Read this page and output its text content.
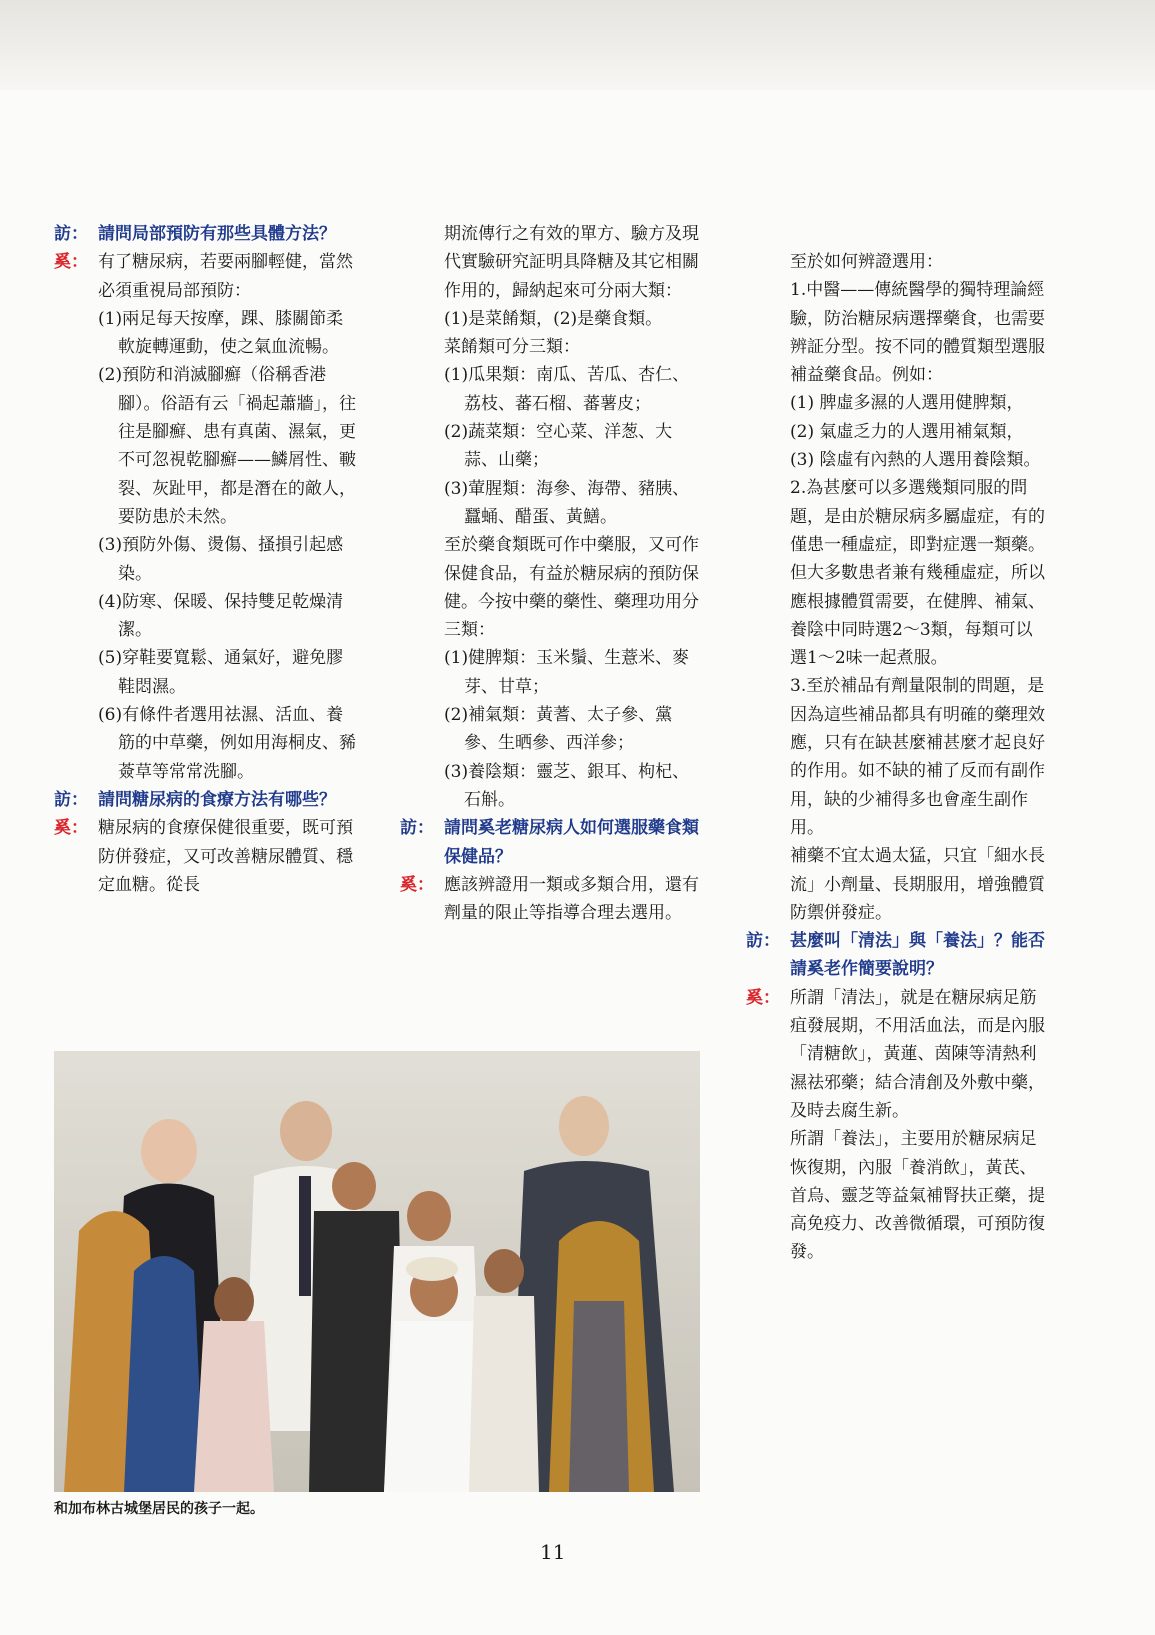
訪： 請問局部預防有那些具體方法？

奚： 有了糖尿病，若要兩腳輕健，當然必須重視局部預防：

(1)兩足每天按摩，踝、膝關節柔軟旋轉運動，使之氣血流暢。

(2)預防和消滅腳癬（俗稱香港腳）。俗語有云「禍起蕭牆」，往往是腳癬、患有真菌、濕氣，更不可忽視乾腳癬——鱗屑性、皸裂、灰趾甲，都是潛在的敵人，要防患於未然。

(3)預防外傷、燙傷、搔損引起感染。

(4)防寒、保暖、保持雙足乾燥清潔。

(5)穿鞋要寬鬆、通氣好，避免膠鞋悶濕。

(6)有條件者選用祛濕、活血、養筋的中草藥，例如用海桐皮、豨薟草等常常洗腳。

訪： 請問糖尿病的食療方法有哪些？

奚： 糖尿病的食療保健很重要，既可預防併發症，又可改善糖尿體質、穩定血糖。從長

期流傳行之有效的單方、驗方及現代實驗研究証明具降糖及其它相關作用的，歸納起來可分兩大類：

(1)是菜餚類，(2)是藥食類。

菜餚類可分三類：

(1)瓜果類：南瓜、苦瓜、杏仁、荔枝、蕃石榴、蕃薯皮；

(2)蔬菜類：空心菜、洋葱、大蒜、山藥；

(3)葷腥類：海參、海帶、豬胰、蠶蛹、醋蛋、黃鱔。

至於藥食類既可作中藥服，又可作保健食品，有益於糖尿病的預防保健。今按中藥的藥性、藥理功用分三類：

(1)健脾類：玉米鬚、生薏米、麥芽、甘草；

(2)補氣類：黃蓍、太子參、黨參、生晒參、西洋參；

(3)養陰類：靈芝、銀耳、枸杞、石斛。

訪： 請問奚老糖尿病人如何選服藥食類保健品？

奚： 應該辨證用一類或多類合用，還有劑量的限止等指導合理去選用。

至於如何辨證選用：

1.中醫——傳統醫學的獨特理論經驗，防治糖尿病選擇藥食，也需要辨証分型。按不同的體質類型選服補益藥食品。例如：

(1) 脾虛多濕的人選用健脾類，

(2) 氣虛乏力的人選用補氣類，

(3) 陰虛有內熱的人選用養陰類。

2.為甚麼可以多選幾類同服的問題，是由於糖尿病多屬虛症，有的僅患一種虛症，即對症選一類藥。但大多數患者兼有幾種虛症，所以應根據體質需要，在健脾、補氣、養陰中同時選2～3類，每類可以選1～2味一起煮服。

3.至於補品有劑量限制的問題，是因為這些補品都具有明確的藥理效應，只有在缺甚麼補甚麼才起良好的作用。如不缺的補了反而有副作用，缺的少補得多也會產生副作用。

補藥不宜太過太猛，只宜「細水長流」小劑量、長期服用，增強體質防禦併發症。

訪： 甚麼叫「清法」與「養法」？能否請奚老作簡要說明？

奚： 所謂「清法」，就是在糖尿病足筋疽發展期，不用活血法，而是內服「清糖飲」，黃蓮、茵陳等清熱利濕祛邪藥；結合清創及外敷中藥，及時去腐生新。

所謂「養法」，主要用於糖尿病足恢復期，內服「養消飲」，黃芪、首烏、靈芝等益氣補腎扶正藥，提高免疫力、改善微循環，可預防復發。

和加布林古城堡居民的孩子一起。
11
